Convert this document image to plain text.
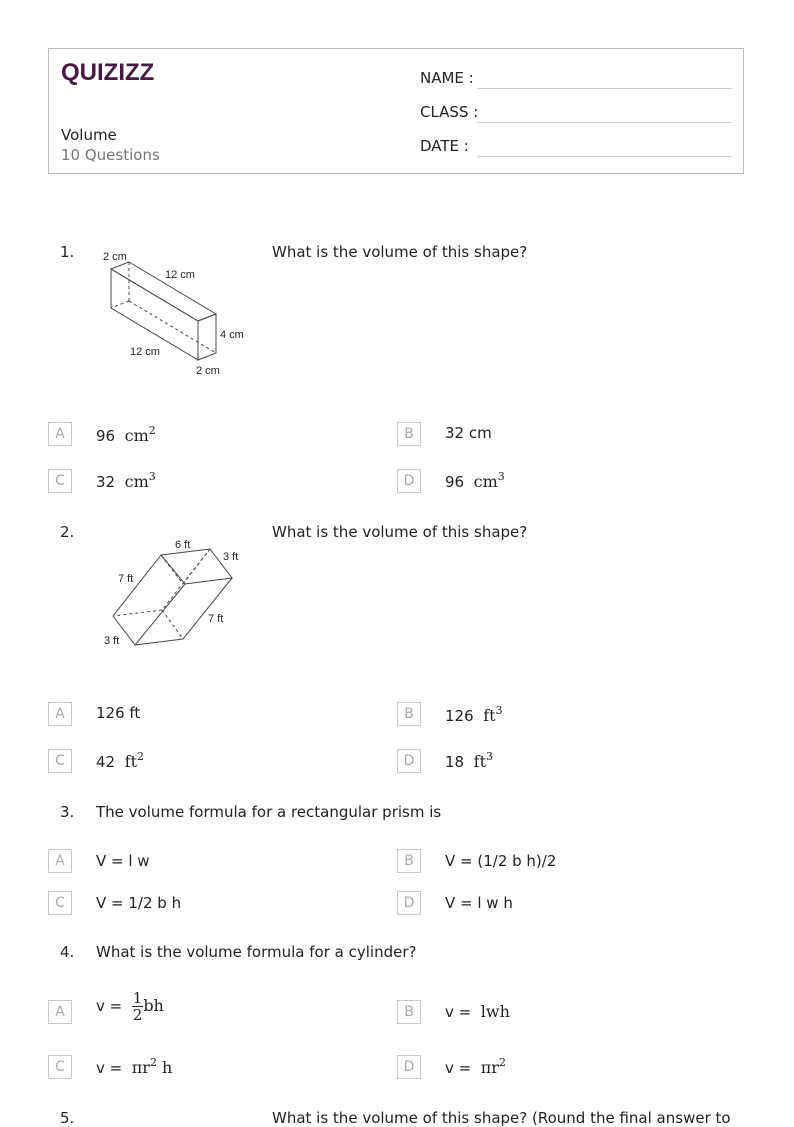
QUIZIZZ
Volume
10 Questions
NAME :
CLASS :
DATE :
1.	What is the volume of this shape?
2 cm
12 cm
4 cm
12 cm
2 cm
A	96 $cm^2$	B	32 cm
C	32 $cm^3$	D	96 $cm^3$
2.	What is the volume of this shape?
6 ft
3 ft
7 ft
7 ft
3 ft
A	126 ft	B	126 $ft^3$
C	42 $ft^2$	D	18 $ft^3$
3. The volume formula for a rectangular prism is
A	V = l w	B	V = (1/2 b h)/2
C	V = 1/2 b h	D	V = l w h
4. What is the volume formula for a cylinder?
A	$v = \frac{1}{2}$ bh	B	v = lwh
C	$v = \pi r^2$ h	D	$v = \pi r^2$
5.	What is the volume of this shape? (Round the final answer to
